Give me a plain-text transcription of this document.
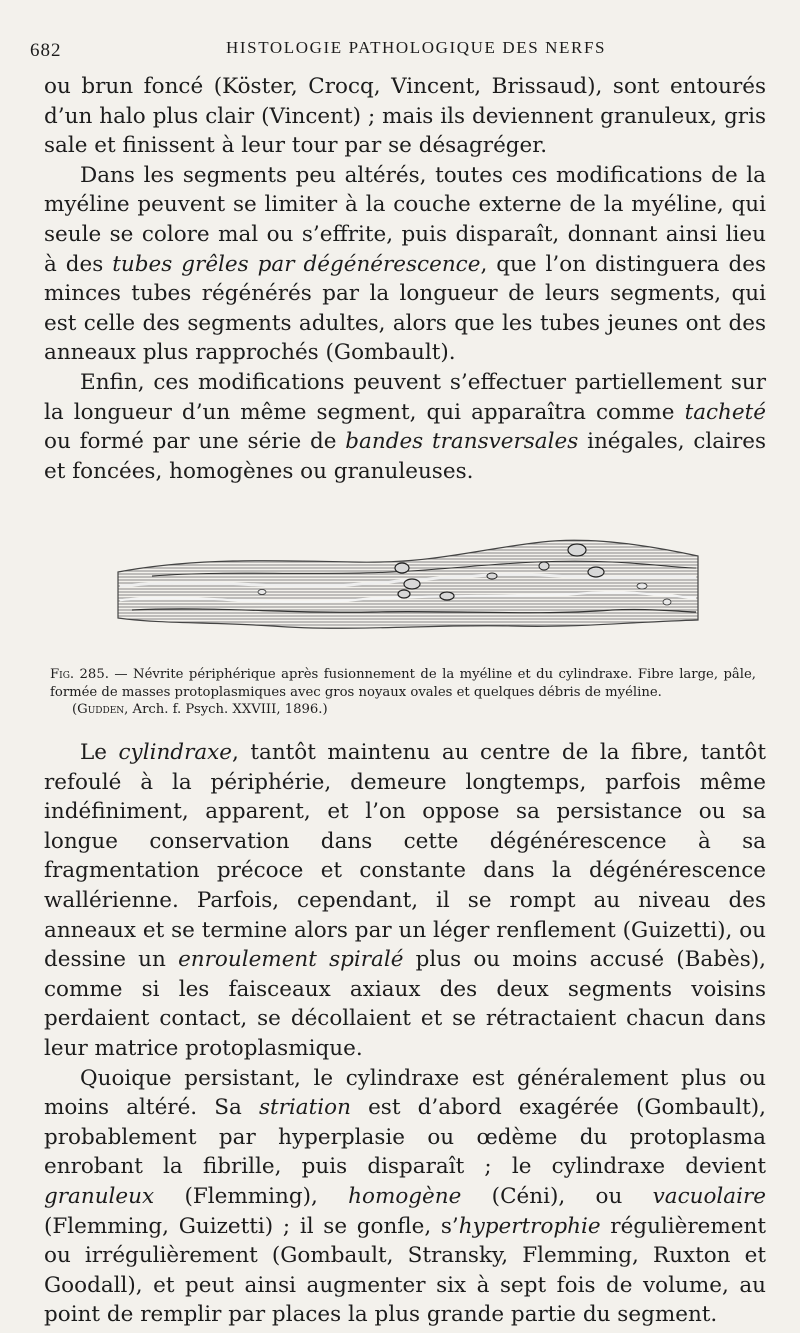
682	HISTOLOGIE PATHOLOGIQUE DES NERFS

ou brun foncé (Köster, Crocq, Vincent, Brissaud), sont entourés d’un halo plus clair (Vincent) ; mais ils deviennent granuleux, gris sale et finissent à leur tour par se désagréger.

Dans les segments peu altérés, toutes ces modifications de la myéline peuvent se limiter à la couche externe de la myéline, qui seule se colore mal ou s’effrite, puis disparaît, donnant ainsi lieu à des tubes grêles par dégénérescence, que l’on distinguera des minces tubes régénérés par la longueur de leurs segments, qui est celle des segments adultes, alors que les tubes jeunes ont des anneaux plus rapprochés (Gombault).

Enfin, ces modifications peuvent s’effectuer partiellement sur la longueur d’un même segment, qui apparaîtra comme tacheté ou formé par une série de bandes transversales inégales, claires et foncées, homogènes ou granuleuses.

Fig. 285. — Névrite périphérique après fusionnement de la myéline et du cylindraxe. Fibre large, pâle, formée de masses protoplasmiques avec gros noyaux ovales et quelques débris de myéline.
(Gudden, Arch. f. Psych. XXVIII, 1896.)

Le cylindraxe, tantôt maintenu au centre de la fibre, tantôt refoulé à la périphérie, demeure longtemps, parfois même indéfiniment, apparent, et l’on oppose sa persistance ou sa longue conservation dans cette dégénérescence à sa fragmentation précoce et constante dans la dégénérescence wallérienne. Parfois, cependant, il se rompt au niveau des anneaux et se termine alors par un léger renflement (Guizetti), ou dessine un enroulement spiralé plus ou moins accusé (Babès), comme si les faisceaux axiaux des deux segments voisins perdaient contact, se décollaient et se rétractaient chacun dans leur matrice protoplasmique.

Quoique persistant, le cylindraxe est généralement plus ou moins altéré. Sa striation est d’abord exagérée (Gombault), probablement par hyperplasie ou œdème du protoplasma enrobant la fibrille, puis disparaît ; le cylindraxe devient granuleux (Flemming), homogène (Céni), ou vacuolaire (Flemming, Guizetti) ; il se gonfle, s’hypertrophie régulièrement ou irrégulièrement (Gombault, Stransky, Flemming, Ruxton et Goodall), et peut ainsi augmenter six à sept fois de volume, au point de remplir par places la plus grande partie du segment.
